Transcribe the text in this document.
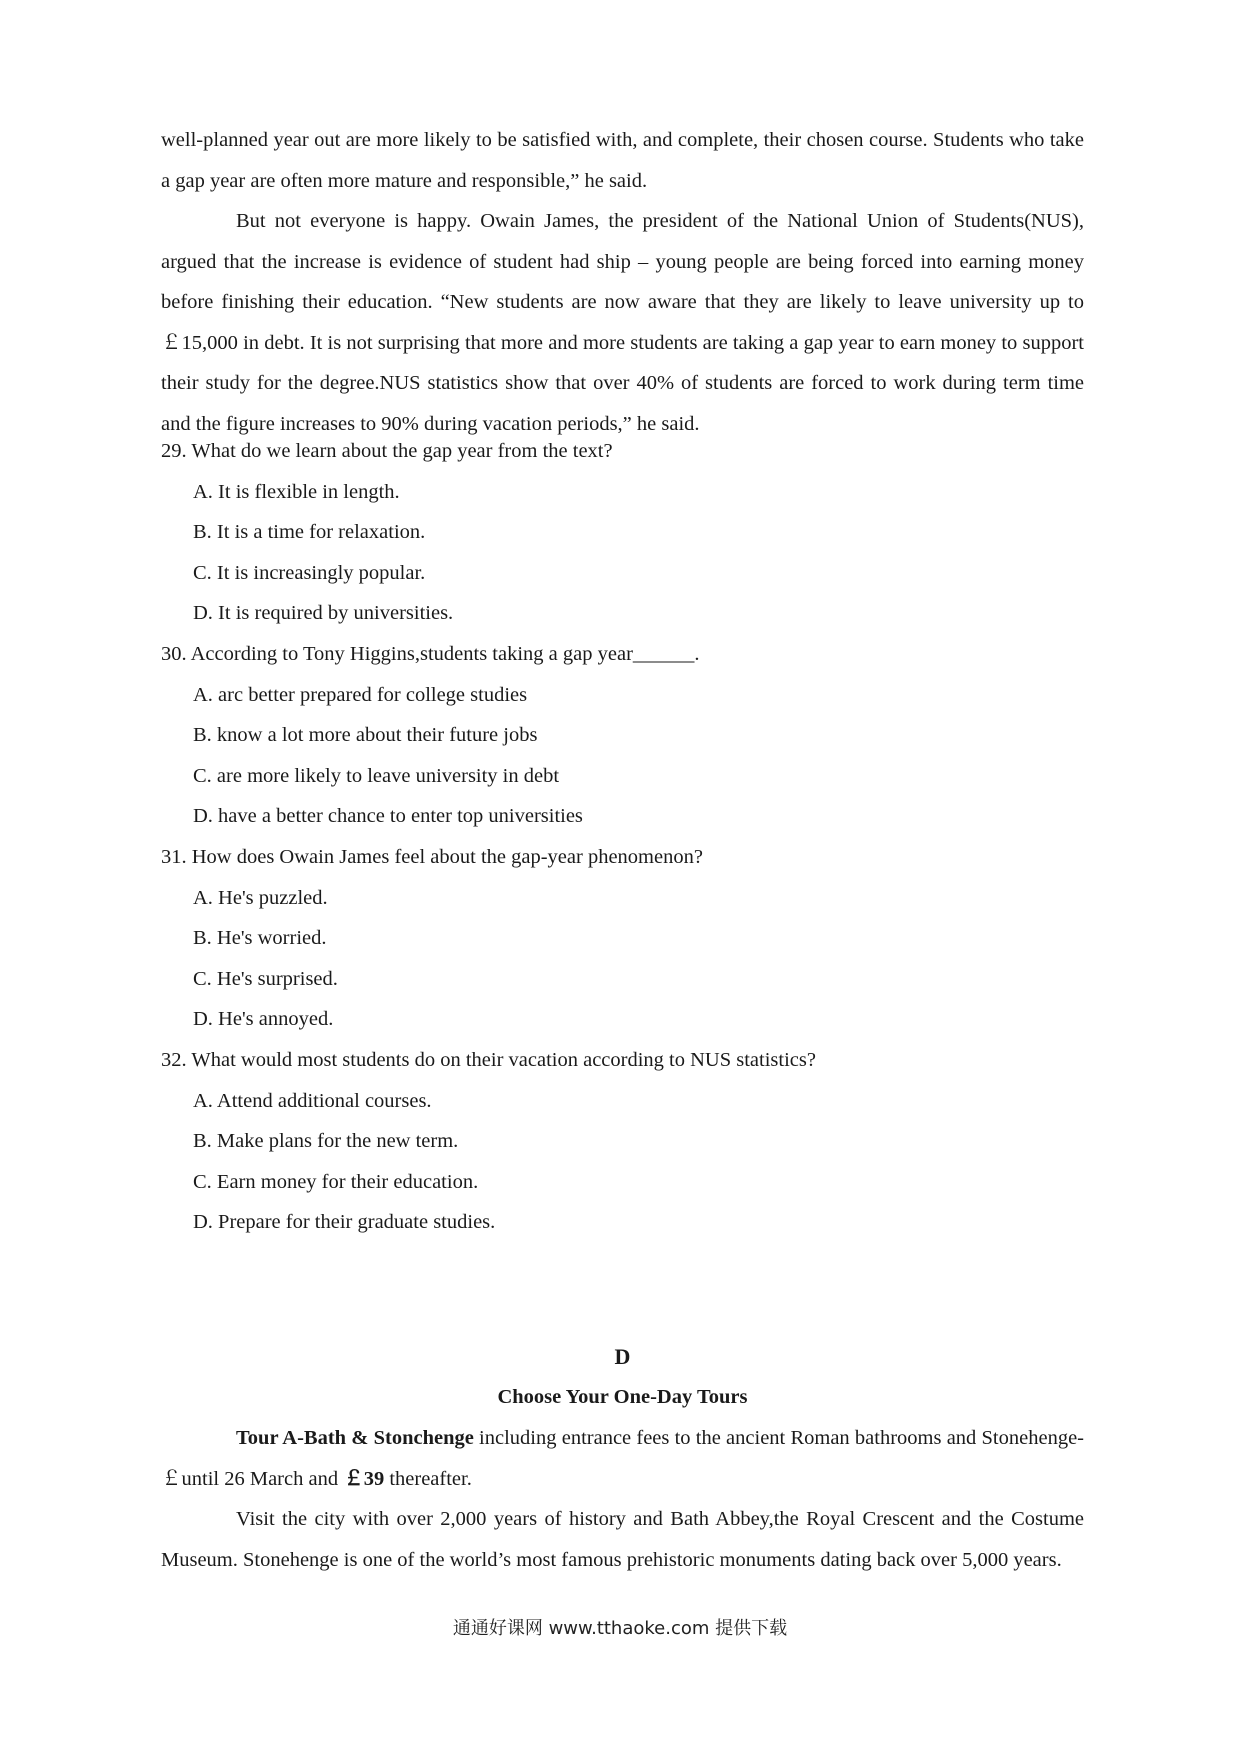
well-planned year out are more likely to be satisfied with, and complete, their chosen course. Students who take a gap year are often more mature and responsible,” he said.

But not everyone is happy. Owain James, the president of the National Union of Students(NUS), argued that the increase is evidence of student had ship – young people are being forced into earning money before finishing their education. “New students are now aware that they are likely to leave university up to ￡15,000 in debt. It is not surprising that more and more students are taking a gap year to earn money to support their study for the degree.NUS statistics show that over 40% of students are forced to work during term time and the figure increases to 90% during vacation periods,” he said.

29. What do we learn about the gap year from the text?
A. It is flexible in length.
B. It is a time for relaxation.
C. It is increasingly popular.
D. It is required by universities.
30. According to Tony Higgins,students taking a gap year______.
A. arc better prepared for college studies
B. know a lot more about their future jobs
C. are more likely to leave university in debt
D. have a better chance to enter top universities
31. How does Owain James feel about the gap-year phenomenon?
A. He's puzzled.
B. He's worried.
C. He's surprised.
D. He's annoyed.
32. What would most students do on their vacation according to NUS statistics?
A. Attend additional courses.
B. Make plans for the new term.
C. Earn money for their education.
D. Prepare for their graduate studies.
D
Choose Your One-Day Tours

Tour A-Bath & Stonchenge including entrance fees to the ancient Roman bathrooms and Stonehenge-￡until 26 March and ￡39 thereafter.

Visit the city with over 2,000 years of history and Bath Abbey,the Royal Crescent and the Costume Museum. Stonehenge is one of the world’s most famous prehistoric monuments dating back over 5,000 years.

通通好课网 www.tthaoke.com 提供下载
